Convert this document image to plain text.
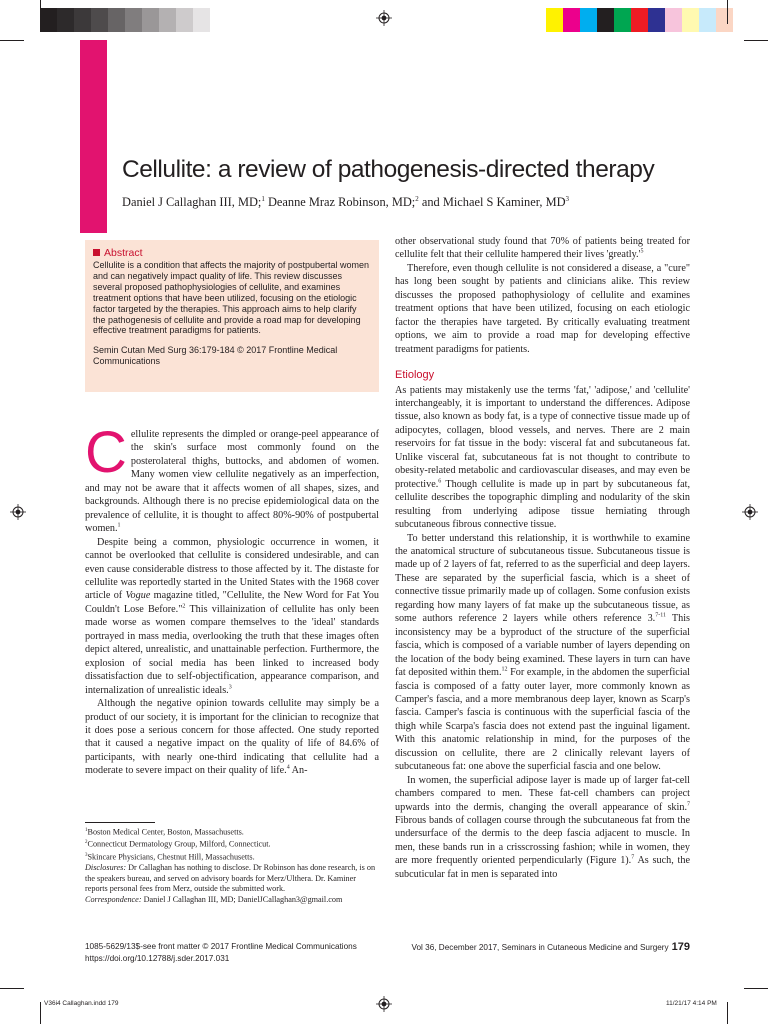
V36i4 Callaghan.indd 179	11/21/17 4:14 PM
Cellulite: a review of pathogenesis-directed therapy
Daniel J Callaghan III, MD;$^1$ Deanne Mraz Robinson, MD;$^2$ and Michael S Kaminer, $MD^3$
Abstract
Cellulite is a condition that affects the majority of postpubertal women and can negatively impact quality of life. This review discusses several proposed pathophysiologies of cellulite, and examines treatment options that have been utilized, focusing on the etiologic factor targeted by the therapies. This approach aims to help clarify the pathogenesis of cellulite and provide a road map for developing effective treatment paradigms for patients.
Semin Cutan Med Surg 36:179-184 © 2017 Frontline Medical Communications

Cellulite represents the dimpled or orange-peel appearance of the skin's surface most commonly found on the posterolateral thighs, buttocks, and abdomen of women. Many women view cellulite negatively as an imperfection, and may not be aware that it affects women of all shapes, sizes, and backgrounds. Although there is no precise epidemiological data on the prevalence of cellulite, it is thought to affect 80%-90% of postpubertal women.$^1$

Despite being a common, physiologic occurrence in women, it cannot be overlooked that cellulite is considered undesirable, and can even cause considerable distress to those affected by it. The distaste for cellulite was reportedly started in the United States with the 1968 cover article of Vogue magazine titled, "Cellulite, the New Word for Fat You Couldn't Lose Before."$^2$ This villainization of cellulite has only been made worse as women compare themselves to the 'ideal' standards portrayed in mass media, overlooking the truth that these images often depict altered, unrealistic, and unattainable perfection. Furthermore, the explosion of social media has been linked to increased body dissatisfaction due to self-objectification, appearance comparison, and internalization of unrealistic ideals.$^3$

Although the negative opinion towards cellulite may simply be a product of our society, it is important for the clinician to recognize that it does pose a serious concern for those affected. One study reported that it caused a negative impact on the quality of life of 84.6% of participants, with nearly one-third indicating that cellulite had a moderate to severe impact on their quality of life.$^4$ An-

$^1$Boston Medical Center, Boston, Massachusetts.
$^2$Connecticut Dermatology Group, Milford, Connecticut.
$^3$Skincare Physicians, Chestnut Hill, Massachusetts.
Disclosures: Dr Callaghan has nothing to disclose. Dr Robinson has done research, is on the speakers bureau, and served on advisory boards for Merz/Ulthera. Dr. Kaminer reports personal fees from Merz, outside the submitted work.
Correspondence: Daniel J Callaghan III, MD; DanielJCallaghan3@gmail.com

other observational study found that 70% of patients being treated for cellulite felt that their cellulite hampered their lives '$greatly.'^5$

Therefore, even though cellulite is not considered a disease, a "cure" has long been sought by patients and clinicians alike. This review discusses the proposed pathophysiology of cellulite and examines treatment options that have been utilized, focusing on each etiologic factor the therapies have targeted. By critically evaluating treatment options, we aim to provide a road map for developing effective treatment paradigms for patients.

Etiology

As patients may mistakenly use the terms 'fat,' 'adipose,' and 'cellulite' interchangeably, it is important to understand the differences. Adipose tissue, also known as body fat, is a type of connective tissue made up of adipocytes, collagen, blood vessels, and nerves. There are 2 main reservoirs for fat tissue in the body: visceral fat and subcutaneous fat. Unlike visceral fat, subcutaneous fat is not thought to contribute to obesity-related metabolic and cardiovascular diseases, and may even be protective.$^6$ Though cellulite is made up in part by subcutaneous fat, cellulite describes the topographic dimpling and nodularity of the skin resulting from underlying adipose tissue herniating through subcutaneous fibrous connective tissue.

To better understand this relationship, it is worthwhile to examine the anatomical structure of subcutaneous tissue. Subcutaneous tissue is made up of 2 layers of fat, referred to as the superficial and deep layers. These are separated by the superficial fascia, which is a sheet of connective tissue primarily made up of collagen. Some confusion exists regarding how many layers of fat make up the subcutaneous tissue, as some authors reference 2 layers while others reference 3.$^{7-11}$ This inconsistency may be a byproduct of the structure of the superficial fascia, which is composed of a variable number of layers depending on the location of the body being examined. These layers in turn can have fat deposited within them.$^{12}$ For example, in the abdomen the superficial fascia is composed of a fatty outer layer, more commonly known as Camper's fascia, and a more membranous deep layer, known as Scarp's fascia. Camper's fascia is continuous with the superficial fascia of the thigh while Scarpa's fascia does not extend past the inguinal ligament. With this anatomic relationship in mind, for the purposes of the discussion on cellulite, there are 2 clinically relevant layers of subcutaneous fat: one above the superficial fascia and one below.

In women, the superficial adipose layer is made up of larger fat-cell chambers compared to men. These fat-cell chambers can project upwards into the dermis, changing the overall appearance of skin.$^7$ Fibrous bands of collagen course through the subcutaneous fat from the undersurface of the dermis to the deep fascia adjacent to muscle. In men, these bands run in a crisscrossing fashion; while in women, they are more frequently oriented perpendicularly (Figure 1).$^7$ As such, the subcuticular fat in men is separated into

1085-5629/13$-see front matter © 2017 Frontline Medical Communications
https://doi.org/10.12788/j.sder.2017.031
Vol 36, December 2017, Seminars in Cutaneous Medicine and Surgery 179
